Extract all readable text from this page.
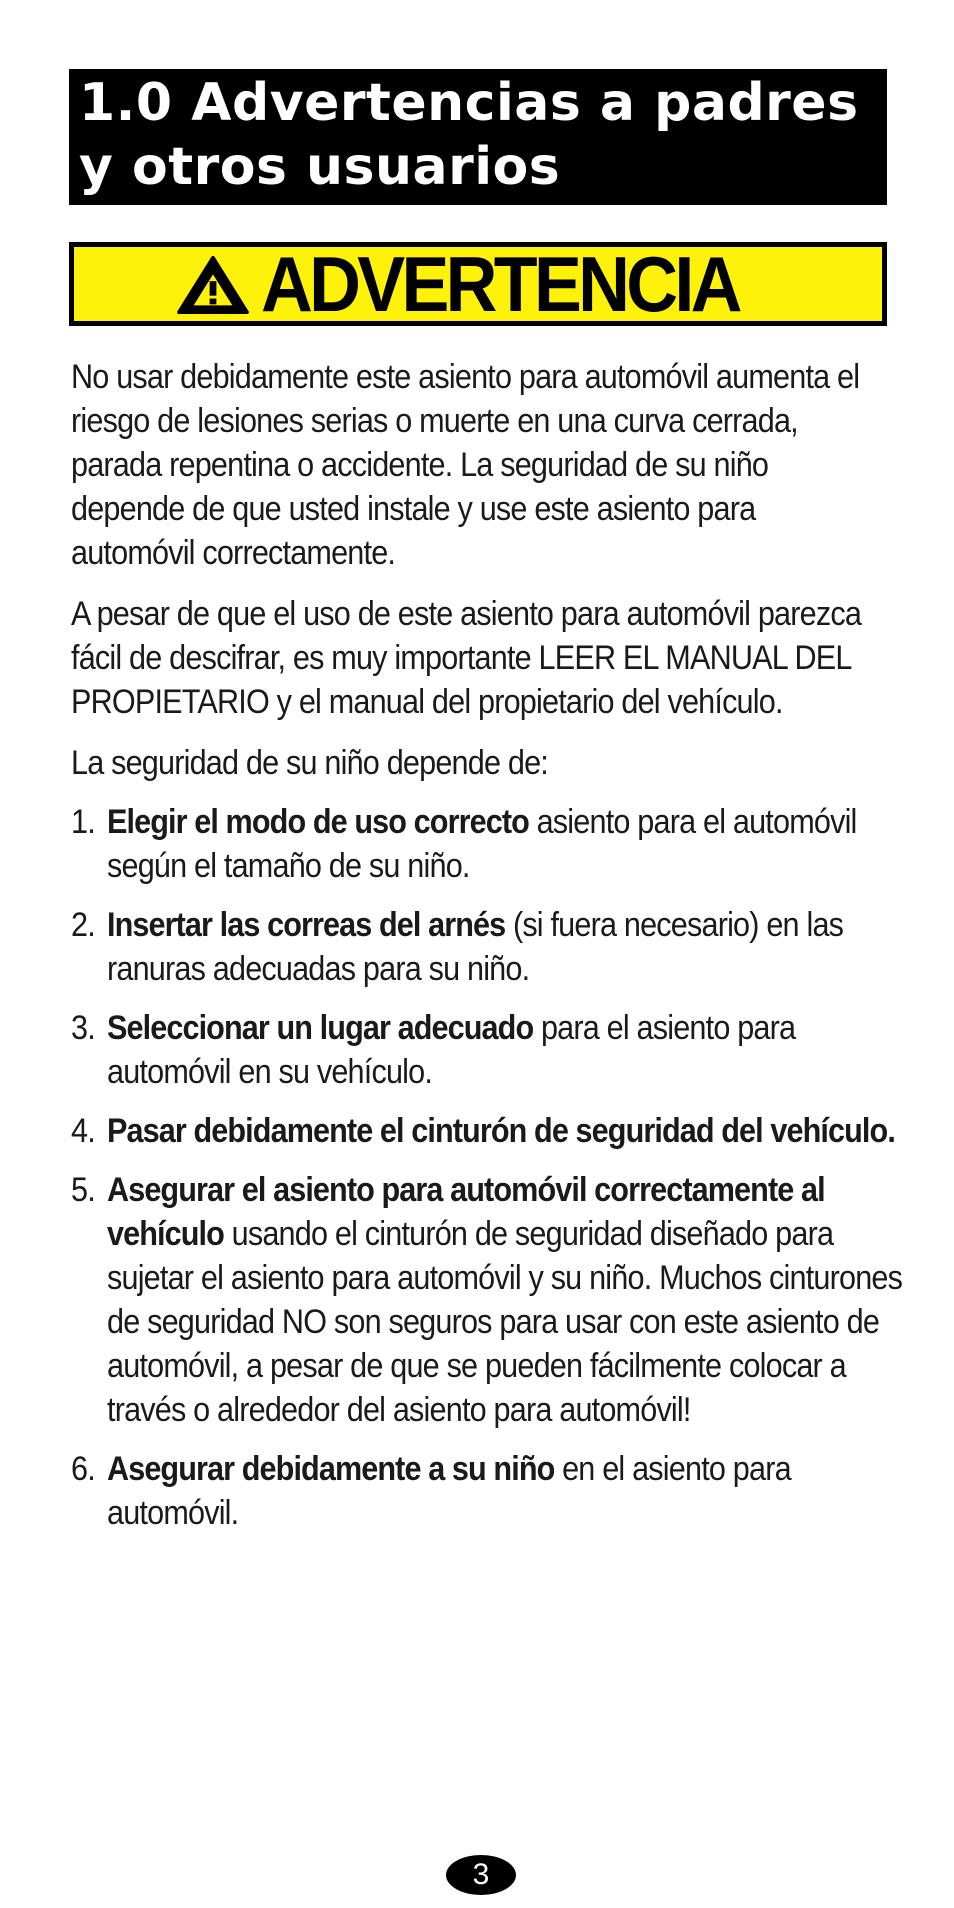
1.0 Advertencias a padres
y otros usuarios
ADVERTENCIA

No usar debidamente este asiento para automóvil aumenta el riesgo de lesiones serias o muerte en una curva cerrada, parada repentina o accidente. La seguridad de su niño depende de que usted instale y use este asiento para automóvil correctamente.

A pesar de que el uso de este asiento para automóvil parezca fácil de descifrar, es muy importante LEER EL MANUAL DEL PROPIETARIO y el manual del propietario del vehículo.

La seguridad de su niño depende de:

1. Elegir el modo de uso correcto asiento para el automóvil según el tamaño de su niño.
2. Insertar las correas del arnés (si fuera necesario) en las ranuras adecuadas para su niño.
3. Seleccionar un lugar adecuado para el asiento para automóvil en su vehículo.
4. Pasar debidamente el cinturón de seguridad del vehículo.
5. Asegurar el asiento para automóvil correctamente al vehículo usando el cinturón de seguridad diseñado para sujetar el asiento para automóvil y su niño. Muchos cinturones de seguridad NO son seguros para usar con este asiento de automóvil, a pesar de que se pueden fácilmente colocar a través o alrededor del asiento para automóvil!
6. Asegurar debidamente a su niño en el asiento para automóvil.
3
